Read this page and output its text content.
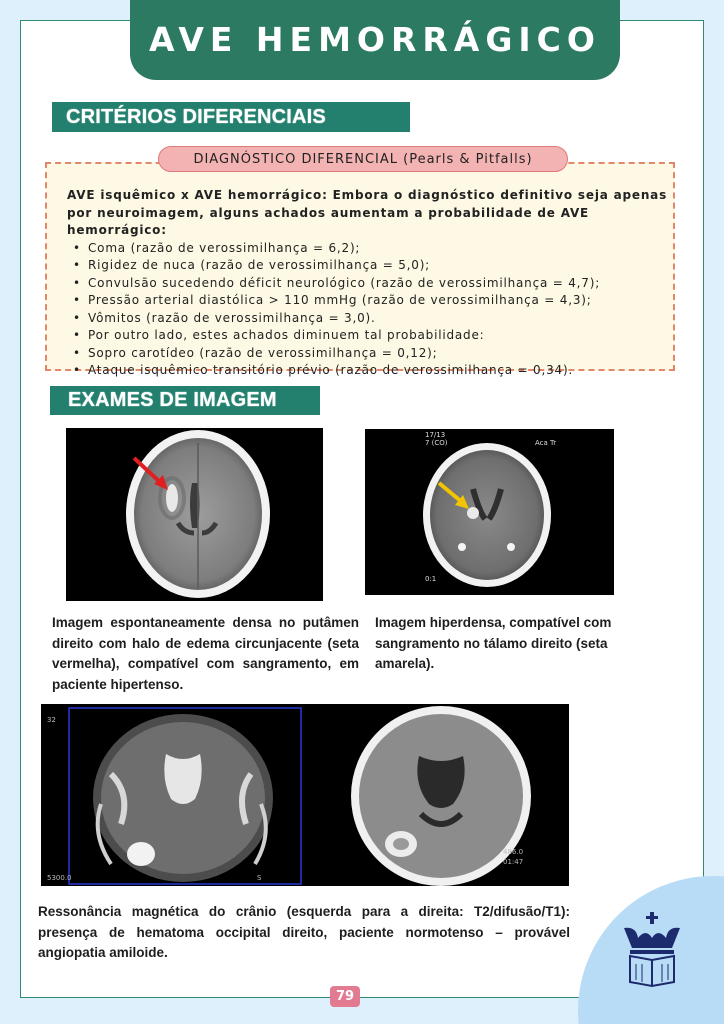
AVE HEMORRÁGICO
CRITÉRIOS DIFERENCIAIS
DIAGNÓSTICO DIFERENCIAL (Pearls & Pitfalls)
AVE isquêmico x AVE hemorrágico: Embora o diagnóstico definitivo seja apenas por neuroimagem, alguns achados aumentam a probabilidade de AVE hemorrágico:
• Coma (razão de verossimilhança = 6,2);
• Rigidez de nuca (razão de verossimilhança = 5,0);
• Convulsão sucedendo déficit neurológico (razão de verossimilhança = 4,7);
• Pressão arterial diastólica > 110 mmHg (razão de verossimilhança = 4,3);
• Vômitos (razão de verossimilhança = 3,0).
• Por outro lado, estes achados diminuem tal probabilidade:
• Sopro carotídeo (razão de verossimilhança = 0,12);
• Ataque isquêmico transitório prévio (razão de verossimilhança = 0,34).
EXAMES DE IMAGEM
17/13
7 (CO)	Aca Tr
0:1
Imagem espontaneamente densa no putâmen direito com halo de edema circunjacente (seta vermelha), compatível com sangramento, em paciente hipertenso.
Imagem hiperdensa, compatível com sangramento no tálamo direito (seta amarela).
32
5300.0	S
486.0
01:47
Ressonância magnética do crânio (esquerda para a direita: T2/difusão/T1): presença de hematoma occipital direito, paciente normotenso – provável angiopatia amiloide.
79
